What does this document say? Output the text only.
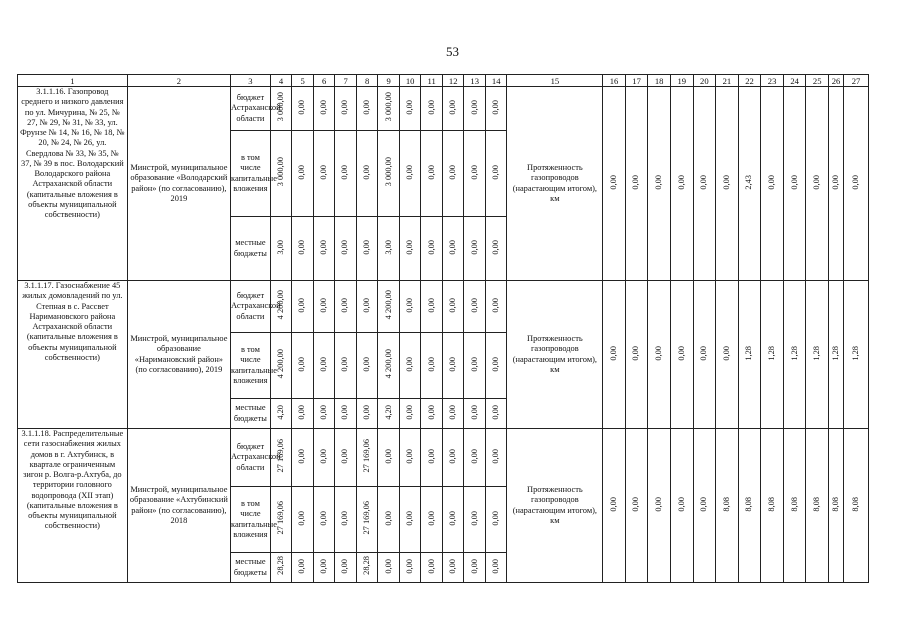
53
1	2	3	4	5	6	7	8	9	10	11	12	13	14	15	16	17	18	19	20	21	22	23	24	25	26	27
3.1.1.16. Газопровод среднего и низкого давления по ул. Мичурина, № 25, № 27, № 29, № 31, № 33, ул. Фрунзе № 14, № 16, № 18, № 20, № 24, № 26, ул. Свердлова № 33, № 35, № 37, № 39 в пос. Володарский Володарского района Астраханской области (капитальные вложения в объекты муниципальной собственности)	Минстрой, муниципальное образование «Володарский район» (по согласованию), 2019	бюджет Астраханской области	3 000,00	0,00	0,00	0,00	0,00	3 000,00	0,00	0,00	0,00	0,00	0,00	Протяженность газопроводов (нарастающим итогом), км	0,00	0,00	0,00	0,00	0,00	0,00	2,43	0,00	0,00	0,00	0,00	0,00
		в том числе капитальные вложения	3 000,00	0,00	0,00	0,00	0,00	3 000,00	0,00	0,00	0,00	0,00	0,00													
		местные бюджеты	3,00	0,00	0,00	0,00	0,00	3,00	0,00	0,00	0,00	0,00	0,00													
3.1.1.17. Газоснабжение 45 жилых домовладений по ул. Степная в с. Рассвет Наримановского района Астраханской области (капитальные вложения в объекты муниципальной собственности)	Минстрой, муниципальное образование «Наримановский район» (по согласованию), 2019	бюджет Астраханской области	4 200,00	0,00	0,00	0,00	0,00	4 200,00	0,00	0,00	0,00	0,00	0,00	Протяженность газопроводов (нарастающим итогом), км	0,00	0,00	0,00	0,00	0,00	0,00	1,28	1,28	1,28	1,28	1,28	1,28
		в том числе капитальные вложения	4 200,00	0,00	0,00	0,00	0,00	4 200,00	0,00	0,00	0,00	0,00	0,00													
		местные бюджеты	4,20	0,00	0,00	0,00	0,00	4,20	0,00	0,00	0,00	0,00	0,00													
3.1.1.18. Распределительные сети газоснабжения жилых домов в г. Ахтубинск, в квартале ограниченным зигон р. Волга-р.Ахтуба, до территории головного водопровода (XII этап) (капитальные вложения в объекты муниципальной собственности)	Минстрой, муниципальное образование «Ахтубинский район» (по согласованию), 2018	бюджет Астраханской области	27 169,06	0,00	0,00	0,00	27 169,06	0,00	0,00	0,00	0,00	0,00	0,00	Протяженность газопроводов (нарастающим итогом), км	0,00	0,00	0,00	0,00	0,00	8,08	8,08	8,08	8,08	8,08	8,08	8,08
		в том числе капитальные вложения	27 169,06	0,00	0,00	0,00	27 169,06	0,00	0,00	0,00	0,00	0,00	0,00													
		местные бюджеты	28,28	0,00	0,00	0,00	28,28	0,00	0,00	0,00	0,00	0,00	0,00													
